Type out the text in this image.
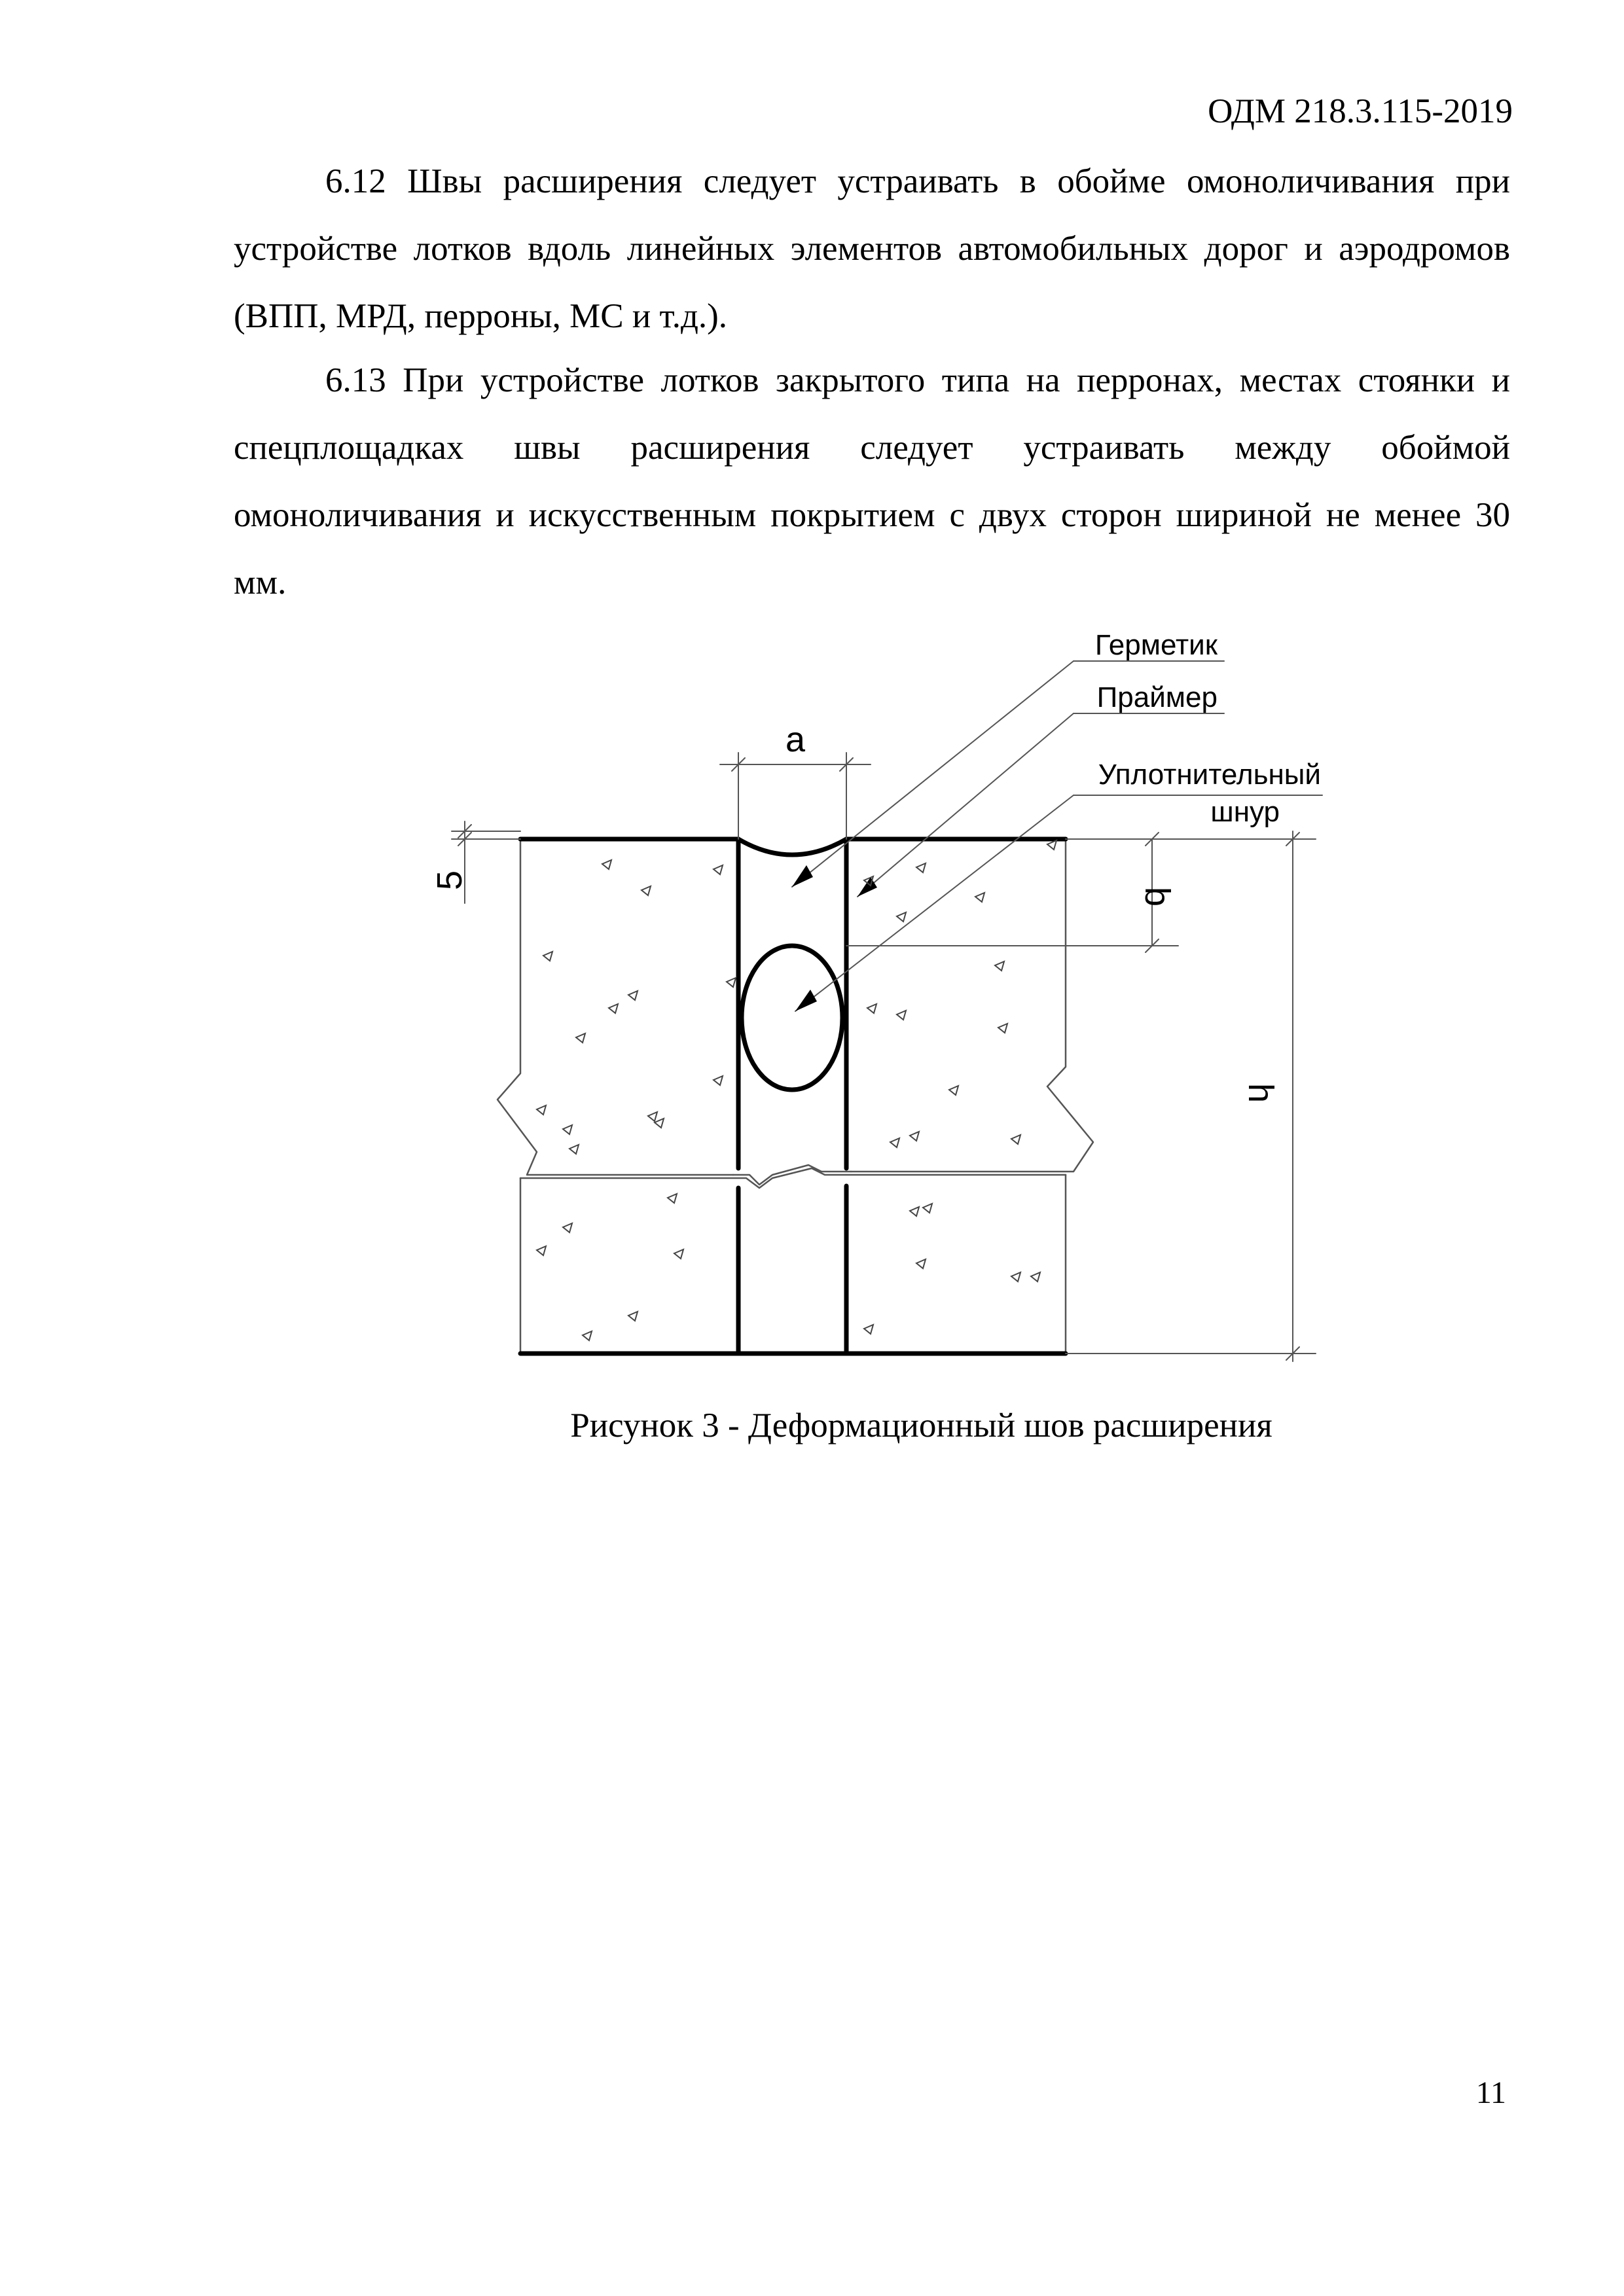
ОДМ 218.3.115-2019

6.12 Швы расширения следует устраивать в обойме омоноличивания при устройстве лотков вдоль линейных элементов автомобильных дорог и аэродромов (ВПП, МРД, перроны, МС и т.д.).

6.13 При устройстве лотков закрытого типа на перронах, местах стоянки и спецплощадках швы расширения следует устраивать между обоймой омоноличивания и искусственным покрытием с двух сторон шириной не менее 30 мм.

Герметик
Праймер
Уплотнительный
шнур
a
5
b
h
Рисунок 3 - Деформационный шов расширения
11
